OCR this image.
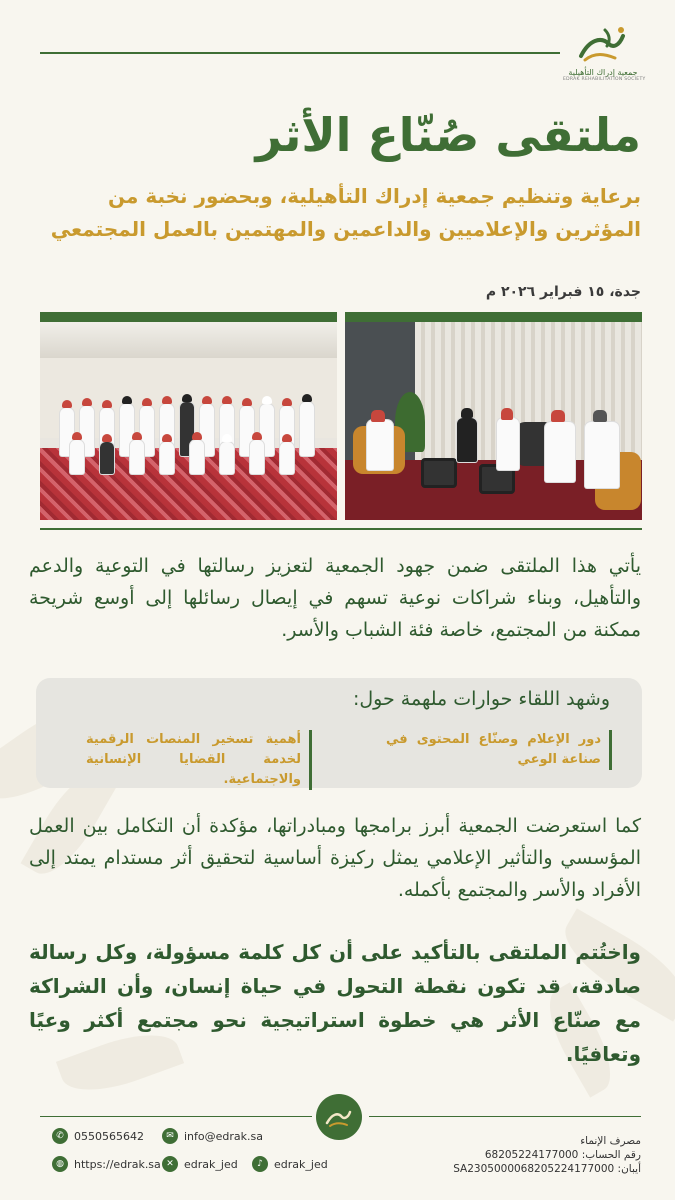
جمعية إدراك التأهيلية
EDRAK REHABILITATION SOCIETY
ملتقى صُنّاع الأثر
برعاية وتنظيم جمعية إدراك التأهيلية، وبحضور نخبة من المؤثرين والإعلاميين والداعمين والمهتمين بالعمل المجتمعي
جدة، ١٥ فبراير ٢٠٢٦ م

يأتي هذا الملتقى ضمن جهود الجمعية لتعزيز رسالتها في التوعية والدعم والتأهيل، وبناء شراكات نوعية تسهم في إيصال رسائلها إلى أوسع شريحة ممكنة من المجتمع، خاصة فئة الشباب والأسر.

وشهد اللقاء حوارات ملهمة حول:
دور الإعلام وصنّاع المحتوى في صناعة الوعي
أهمية تسخير المنصات الرقمية لخدمة القضايا الإنسانية والاجتماعية.

كما استعرضت الجمعية أبرز برامجها ومبادراتها، مؤكدة أن التكامل بين العمل المؤسسي والتأثير الإعلامي يمثل ركيزة أساسية لتحقيق أثر مستدام يمتد إلى الأفراد والأسر والمجتمع بأكمله.

واختُتم الملتقى بالتأكيد على أن كل كلمة مسؤولة، وكل رسالة صادقة، قد تكون نقطة التحول في حياة إنسان، وأن الشراكة مع صنّاع الأثر هي خطوة استراتيجية نحو مجتمع أكثر وعيًا وتعافيًا.

✆ 0550565642	✉ info@edrak.sa
◍ https://edrak.sa ✕ edrak_jed	♪	edrak_jed
مصرف الإنماء
رقم الحساب: 68205224177000
أيبان: SA2305000068205224177000
